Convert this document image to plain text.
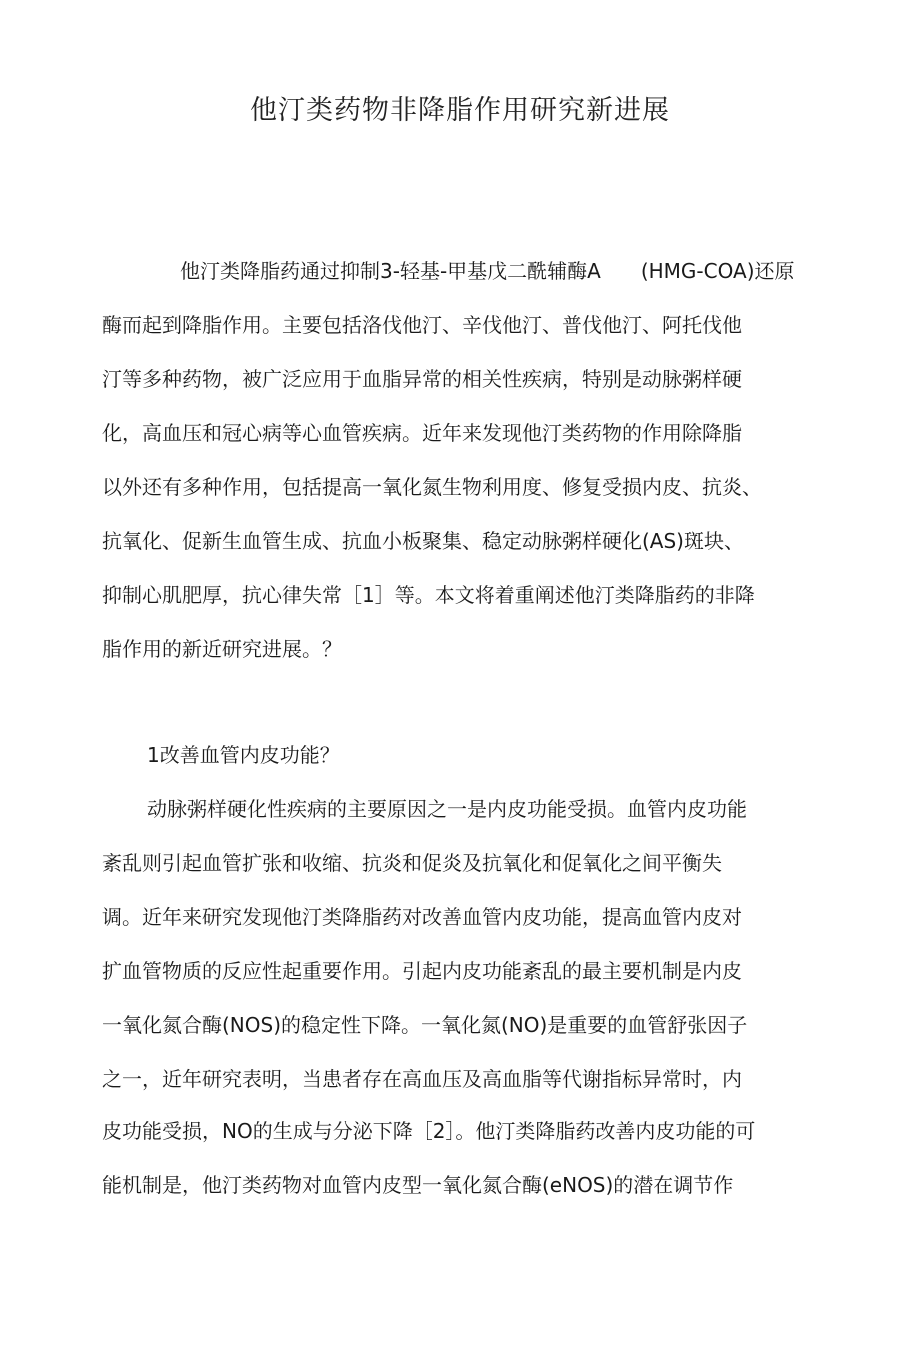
他汀类药物非降脂作用研究新进展
他汀类降脂药通过抑制3-轻基-甲基戊二酰辅酶A　　(HMG-COA)还原
酶而起到降脂作用。主要包括洛伐他汀、辛伐他汀、普伐他汀、阿托伐他
汀等多种药物，被广泛应用于血脂异常的相关性疾病，特别是动脉粥样硬
化，高血压和冠心病等心血管疾病。近年来发现他汀类药物的作用除降脂
以外还有多种作用，包括提高一氧化氮生物利用度、修复受损内皮、抗炎、
抗氧化、促新生血管生成、抗血小板聚集、稳定动脉粥样硬化(AS)斑块、
抑制心肌肥厚，抗心律失常［1］等。本文将着重阐述他汀类降脂药的非降
脂作用的新近研究进展。？
1改善血管内皮功能？
动脉粥样硬化性疾病的主要原因之一是内皮功能受损。血管内皮功能
紊乱则引起血管扩张和收缩、抗炎和促炎及抗氧化和促氧化之间平衡失
调。近年来研究发现他汀类降脂药对改善血管内皮功能，提高血管内皮对
扩血管物质的反应性起重要作用。引起内皮功能紊乱的最主要机制是内皮
一氧化氮合酶(NOS)的稳定性下降。一氧化氮(NO)是重要的血管舒张因子
之一，近年研究表明，当患者存在高血压及高血脂等代谢指标异常时，内
皮功能受损，NO的生成与分泌下降［2］。他汀类降脂药改善内皮功能的可
能机制是，他汀类药物对血管内皮型一氧化氮合酶(eNOS)的潜在调节作
